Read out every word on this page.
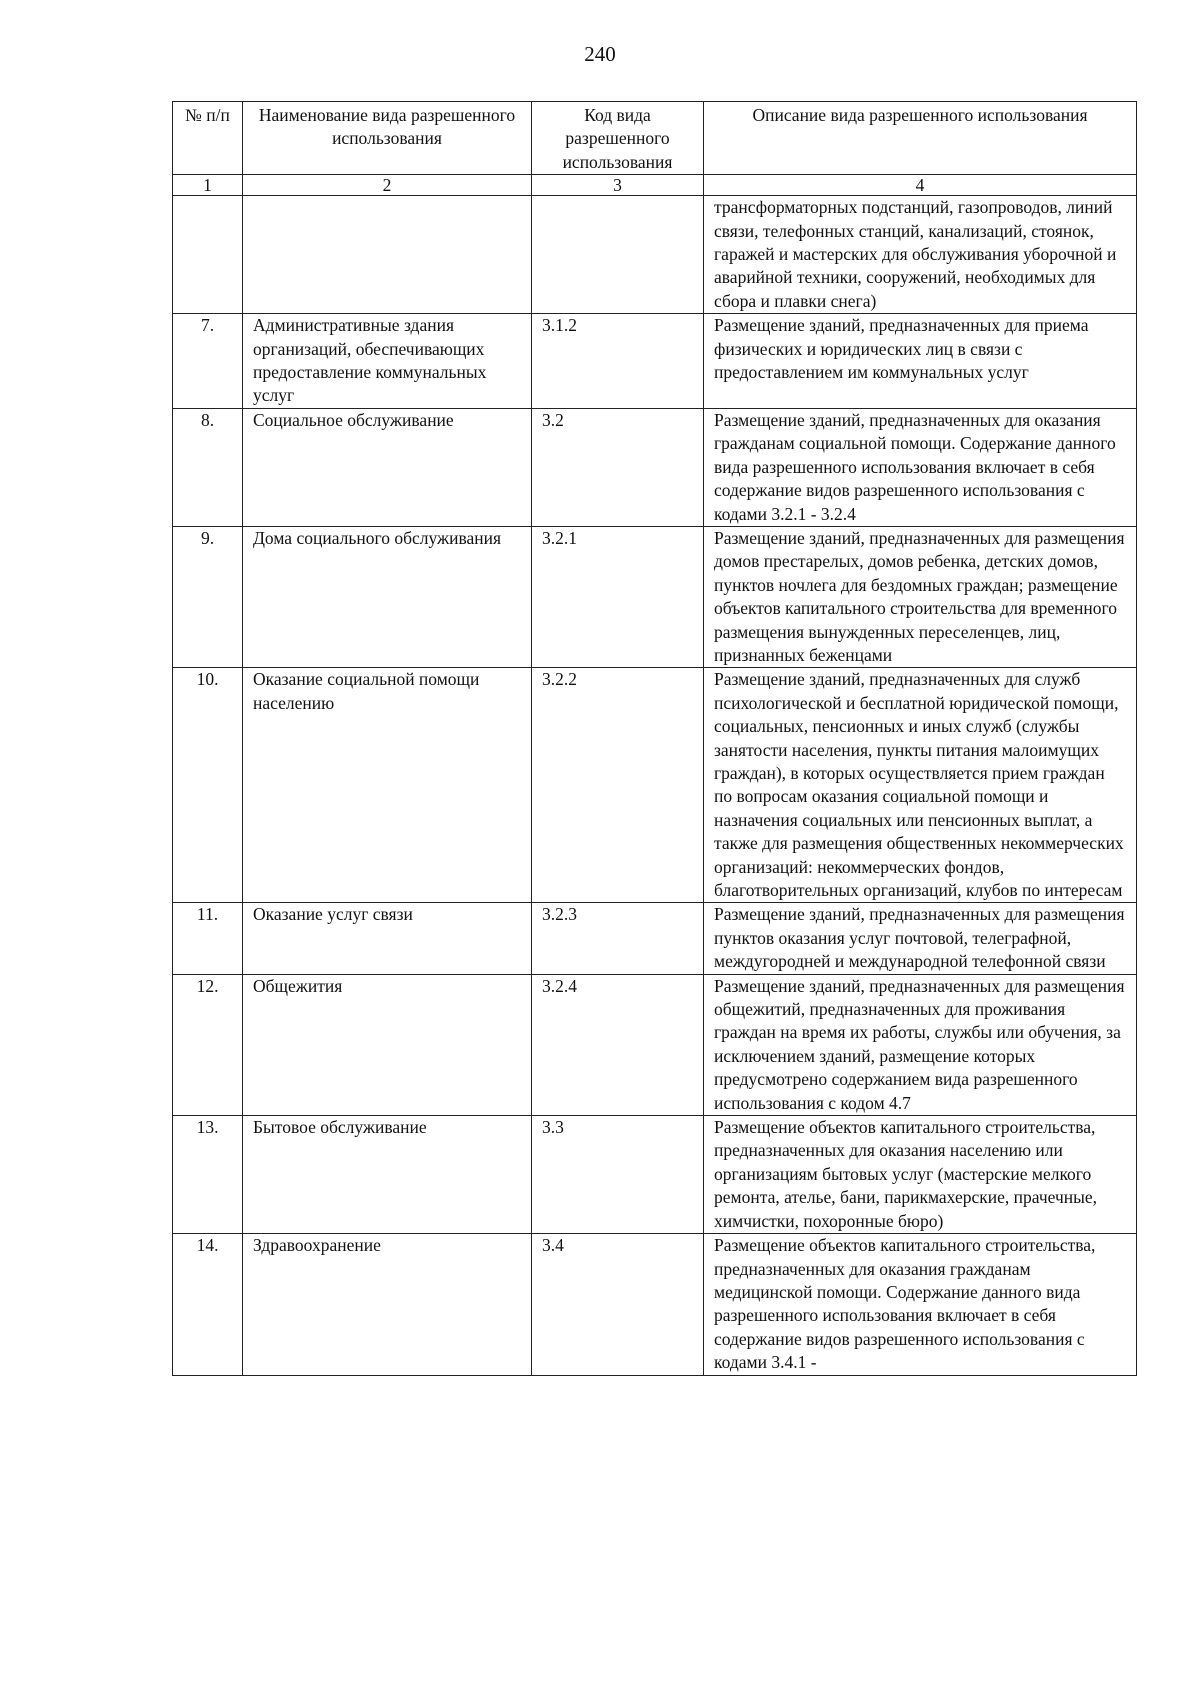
240
№ п/п	Наименование вида разрешенного использования	Код вида разрешенного использования	Описание вида разрешенного использования
1	2	3	4
			трансформаторных подстанций, газопроводов, линий связи, телефонных станций, канализаций, стоянок, гаражей и мастерских для обслуживания уборочной и аварийной техники, сооружений, необходимых для сбора и плавки снега)
7.	Административные здания организаций, обеспечивающих предоставление коммунальных услуг	3.1.2	Размещение зданий, предназначенных для приема физических и юридических лиц в связи с предоставлением им коммунальных услуг
8.	Социальное обслуживание	3.2	Размещение зданий, предназначенных для оказания гражданам социальной помощи. Содержание данного вида разрешенного использования включает в себя содержание видов разрешенного использования с кодами 3.2.1 - 3.2.4
9.	Дома социального обслуживания	3.2.1	Размещение зданий, предназначенных для размещения домов престарелых, домов ребенка, детских домов, пунктов ночлега для бездомных граждан; размещение объектов капитального строительства для временного размещения вынужденных переселенцев, лиц, признанных беженцами
10.	Оказание социальной помощи населению	3.2.2	Размещение зданий, предназначенных для служб психологической и бесплатной юридической помощи, социальных, пенсионных и иных служб (службы занятости населения, пункты питания малоимущих граждан), в которых осуществляется прием граждан по вопросам оказания социальной помощи и назначения социальных или пенсионных выплат, а также для размещения общественных некоммерческих организаций: некоммерческих фондов, благотворительных организаций, клубов по интересам
11.	Оказание услуг связи	3.2.3	Размещение зданий, предназначенных для размещения пунктов оказания услуг почтовой, телеграфной, междугородней и международной телефонной связи
12.	Общежития	3.2.4	Размещение зданий, предназначенных для размещения общежитий, предназначенных для проживания граждан на время их работы, службы или обучения, за исключением зданий, размещение которых предусмотрено содержанием вида разрешенного использования с кодом 4.7
13.	Бытовое обслуживание	3.3	Размещение объектов капитального строительства, предназначенных для оказания населению или организациям бытовых услуг (мастерские мелкого ремонта, ателье, бани, парикмахерские, прачечные, химчистки, похоронные бюро)
14.	Здравоохранение	3.4	Размещение объектов капитального строительства, предназначенных для оказания гражданам медицинской помощи. Содержание данного вида разрешенного использования включает в себя содержание видов разрешенного использования с кодами 3.4.1 -
